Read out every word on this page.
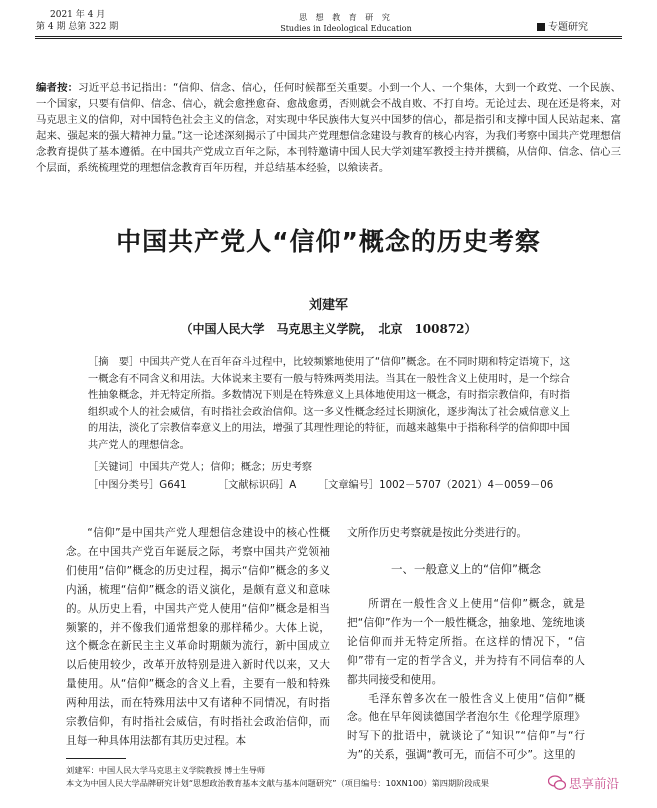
2021 年 4 月
第 4 期 总第 322 期
思 想 教 育 研 究
Studies in Ideological Education	专题研究
编者按：习近平总书记指出：“信仰、信念、信心，任何时候都至关重要。小到一个人、一个集体，大到一个政党、一个民族、一个国家，只要有信仰、信念、信心，就会愈挫愈奋、愈战愈勇，否则就会不战自败、不打自垮。无论过去、现在还是将来，对马克思主义的信仰，对中国特色社会主义的信念，对实现中华民族伟大复兴中国梦的信心，都是指引和支撑中国人民站起来、富起来、强起来的强大精神力量。”这一论述深刻揭示了中国共产党理想信念建设与教育的核心内容，为我们考察中国共产党理想信念教育提供了基本遵循。在中国共产党成立百年之际，本刊特邀请中国人民大学刘建军教授主持并撰稿，从信仰、信念、信心三个层面，系统梳理党的理想信念教育百年历程，并总结基本经验，以飨读者。
中国共产党人“信仰”概念的历史考察
刘建军
（中国人民大学　马克思主义学院，　北京　100872）
［摘　要］中国共产党人在百年奋斗过程中，比较频繁地使用了“信仰”概念。在不同时期和特定语境下，这一概念有不同含义和用法。大体说来主要有一般与特殊两类用法。当其在一般性含义上使用时，是一个综合性抽象概念，并无特定所指。多数情况下则是在特殊意义上具体地使用这一概念，有时指宗教信仰，有时指组织或个人的社会威信，有时指社会政治信仰。这一多义性概念经过长期演化，逐步淘汰了社会威信意义上的用法，淡化了宗教信奉意义上的用法，增强了其理性理论的特征，而越来越集中于指称科学的信仰即中国共产党人的理想信念。
［关键词］中国共产党人；信仰；概念；历史考察
［中图分类号］G641	［文献标识码］A ［文章编号］1002－5707（2021）4－0059－06

“信仰”是中国共产党人理想信念建设中的核心性概念。在中国共产党百年诞辰之际，考察中国共产党领袖们使用“信仰”概念的历史过程，揭示“信仰”概念的多义内涵，梳理“信仰”概念的语义演化，是颇有意义和意味的。从历史上看，中国共产党人使用“信仰”概念是相当频繁的，并不像我们通常想象的那样稀少。大体上说，这个概念在新民主主义革命时期颇为流行，新中国成立以后使用较少，改革开放特别是进入新时代以来，又大量使用。从“信仰”概念的含义上看，主要有一般和特殊两种用法，而在特殊用法中又有诸种不同情况，有时指宗教信仰，有时指社会威信，有时指社会政治信仰，而且每一种具体用法都有其历史过程。本

文所作历史考察就是按此分类进行的。
一、一般意义上的“信仰”概念

所谓在一般性含义上使用“信仰”概念，就是把“信仰”作为一个一般性概念，抽象地、笼统地谈论信仰而并无特定所指。在这样的情况下，“信仰”带有一定的哲学含义，并为持有不同信奉的人都共同接受和使用。

毛泽东曾多次在一般性含义上使用“信仰”概念。他在早年阅读德国学者泡尔生《伦理学原理》时写下的批语中，就谈论了“知识”“信仰”与“行为”的关系，强调“教可无，而信不可少”。这里的

刘建军：中国人民大学马克思主义学院教授 博士生导师
本文为中国人民大学品牌研究计划“思想政治教育基本文献与基本问题研究”（项目编号：10XN100）第四期阶段成果	思享前沿
